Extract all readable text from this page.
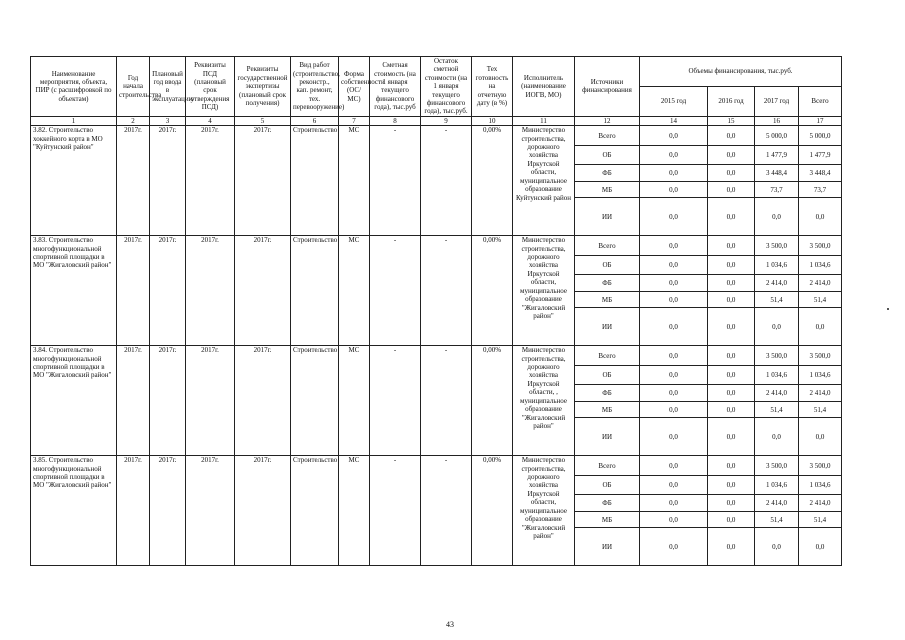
Наименование мероприятия, объекта, ПИР (с расшифровкой по объектам)	Год начала строительства	Плановый год ввода в эксплуатацию	Реквизиты ПСД (плановый срок утверждения ПСД)	Реквизиты государственной экспертизы (плановый срок получения)	Вид работ (строительство, реконстр., кап. ремонт, тех. перевооружение)	Форма собственности (ОС/МС)	Сметная стоимость (на 1 января текущего финансового года), тыс.руб	Остаток сметной стоимости (на 1 января текущего финансового года), тыс.руб.	Тех готовность на отчетную дату (в %)	Исполнитель (наименование ИОГВ, МО)	Источники финансирования	Объемы финансирования, тыс.руб.			
												2015 год	2016 год	2017 год	Всего
1	2	3	4	5	6	7	8	9	10	11	12	14	15	16	17
3.82. Строительство хоккейного корта в МО "Куйтунский район"	2017г.	2017г.	2017г.	2017г.	Строительство	МС	-	-	0,00%	Министерство строительства, дорожного хозяйства Иркутской области, муниципальное образование Куйтунский район	Всего	0,0	0,0	5 000,0	5 000,0
											ОБ	0,0	0,0	1 477,9	1 477,9
											ФБ	0,0	0,0	3 448,4	3 448,4
											МБ	0,0	0,0	73,7	73,7
											ИИ	0,0	0,0	0,0	0,0
3.83. Строительство многофункциональной спортивной площадки в МО "Жигаловский район"	2017г.	2017г.	2017г.	2017г.	Строительство	МС	-	-	0,00%	Министерство строительства, дорожного хозяйства Иркутской области, муниципальное образование "Жигаловский район"	Всего	0,0	0,0	3 500,0	3 500,0
											ОБ	0,0	0,0	1 034,6	1 034,6
											ФБ	0,0	0,0	2 414,0	2 414,0
											МБ	0,0	0,0	51,4	51,4
											ИИ	0,0	0,0	0,0	0,0
3.84. Строительство многофункциональной спортивной площадки в МО "Жигаловский район"	2017г.	2017г.	2017г.	2017г.	Строительство	МС	-	-	0,00%	Министерство строительства, дорожного хозяйства Иркутской области, , муниципальное образование "Жигаловский район"	Всего	0,0	0,0	3 500,0	3 500,0
											ОБ	0,0	0,0	1 034,6	1 034,6
											ФБ	0,0	0,0	2 414,0	2 414,0
											МБ	0,0	0,0	51,4	51,4
											ИИ	0,0	0,0	0,0	0,0
3.85. Строительство многофункциональной спортивной площадки в МО "Жигаловский район"	2017г.	2017г.	2017г.	2017г.	Строительство	МС	-	-	0,00%	Министерство строительства, дорожного хозяйства Иркутской области, муниципальное образование "Жигаловский район"	Всего	0,0	0,0	3 500,0	3 500,0
											ОБ	0,0	0,0	1 034,6	1 034,6
											ФБ	0,0	0,0	2 414,0	2 414,0
											МБ	0,0	0,0	51,4	51,4
											ИИ	0,0	0,0	0,0	0,0
43
